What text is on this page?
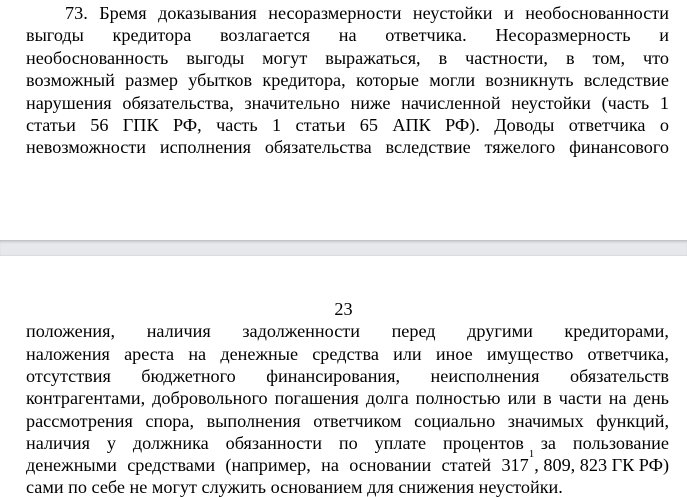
73. Бремя доказывания несоразмерности неустойки и необоснованности
выгоды кредитора возлагается на ответчика. Несоразмерность и
необоснованность выгоды могут выражаться, в частности, в том, что
возможный размер убытков кредитора, которые могли возникнуть вследствие
нарушения обязательства, значительно ниже начисленной неустойки (часть 1
статьи 56 ГПК РФ, часть 1 статьи 65 АПК РФ). Доводы ответчика о
невозможности исполнения обязательства вследствие тяжелого финансового
23
положения, наличия задолженности перед другими кредиторами,
наложения ареста на денежные средства или иное имущество ответчика,
отсутствия бюджетного финансирования, неисполнения обязательств
контрагентами, добровольного погашения долга полностью или в части на день
рассмотрения спора, выполнения ответчиком социально значимых функций,
наличия у должника обязанности по уплате процентов за пользование
денежными средствами (например, на основании статей 317
1
, 809, 823 ГК РФ)
сами по себе не могут служить основанием для снижения неустойки.
